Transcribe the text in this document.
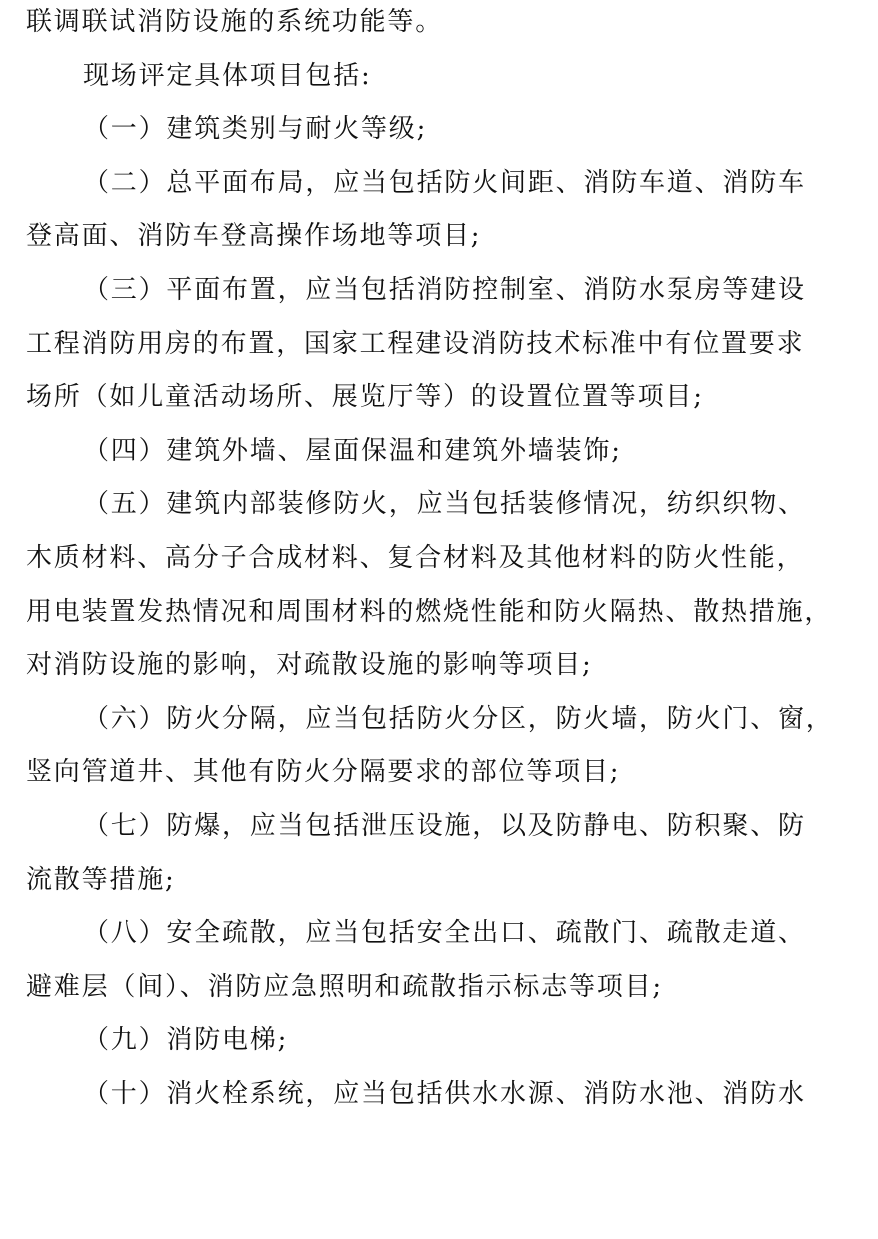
联调联试消防设施的系统功能等。
现场评定具体项目包括:
（一）建筑类别与耐火等级;
（二）总平面布局，应当包括防火间距、消防车道、消防车
登高面、消防车登高操作场地等项目;
（三）平面布置，应当包括消防控制室、消防水泵房等建设
工程消防用房的布置，国家工程建设消防技术标准中有位置要求
场所（如儿童活动场所、展览厅等）的设置位置等项目;
（四）建筑外墙、屋面保温和建筑外墙装饰;
（五）建筑内部装修防火，应当包括装修情况，纺织织物、
木质材料、高分子合成材料、复合材料及其他材料的防火性能，
用电装置发热情况和周围材料的燃烧性能和防火隔热、散热措施，
对消防设施的影响，对疏散设施的影响等项目;
（六）防火分隔，应当包括防火分区，防火墙，防火门、窗，
竖向管道井、其他有防火分隔要求的部位等项目;
（七）防爆，应当包括泄压设施，以及防静电、防积聚、防
流散等措施;
（八）安全疏散，应当包括安全出口、疏散门、疏散走道、
避难层（间）、消防应急照明和疏散指示标志等项目;
（九）消防电梯;
（十）消火栓系统，应当包括供水水源、消防水池、消防水
